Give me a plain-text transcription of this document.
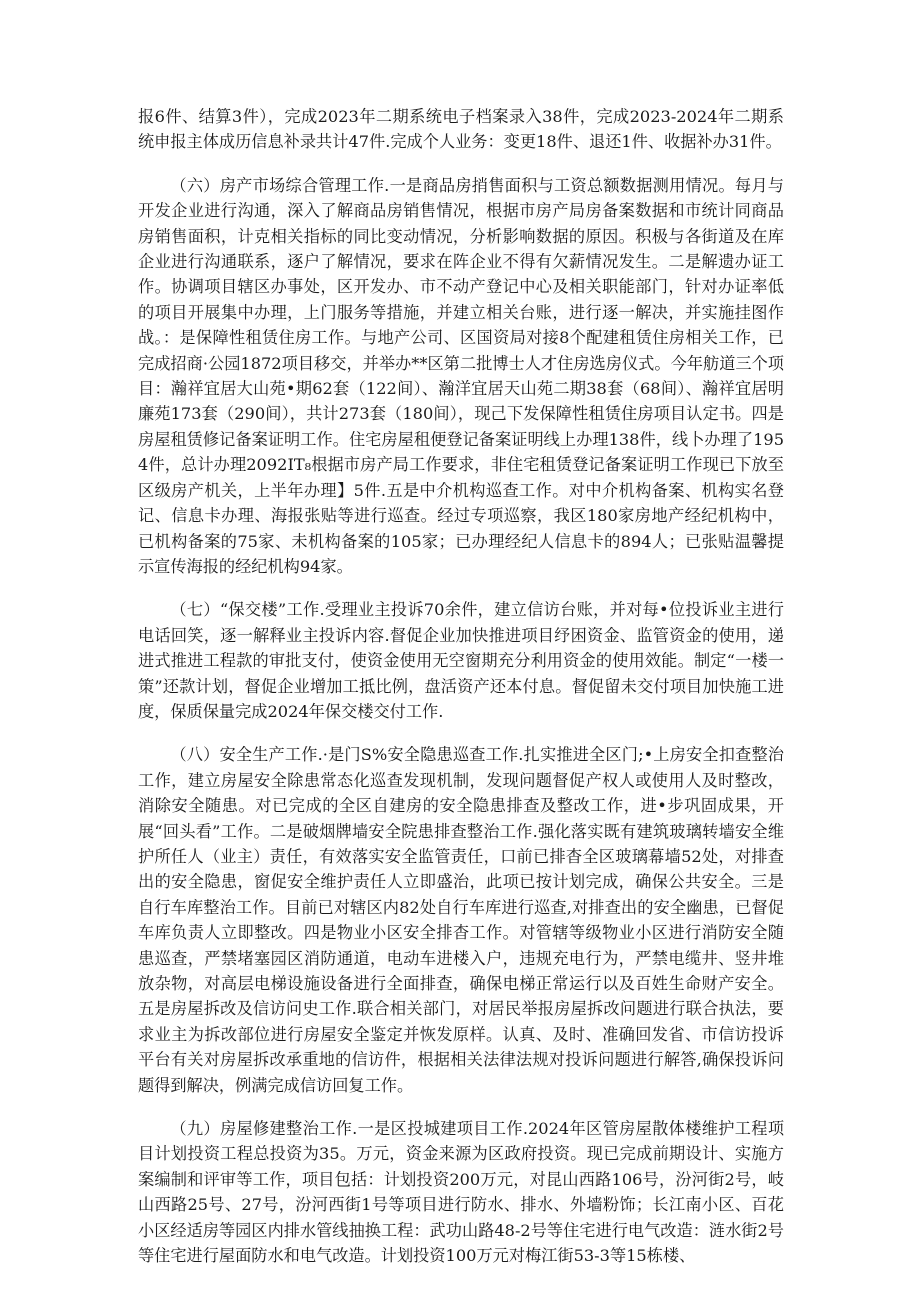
报6件、结算3件），完成2023年二期系统电子档案录入38件，完成2023-2024年二期系统申报主体成历信息补录共计47件.完成个人业务：变更18件、退还1件、收据补办31件。

（六）房产市场综合管理工作.一是商品房捎售面积与工资总额数据测用情况。每月与开发企业进行沟通，深入了解商品房销售情况，根据市房产局房备案数据和市统计同商品房销售面积，计克相关指标的同比变动情况，分析影响数据的原因。积极与各街道及在库企业进行沟通联系，逐户了解情况，要求在阵企业不得有欠薪情况发生。二是解遗办证工作。协调项目辖区办事处，区开发办、市不动产登记中心及相关职能部门，针对办证率低的项目开展集中办理，上门服务等措施，并建立相关台账，进行逐一解决，并实施挂图作战。：是保障性租赁住房工作。与地产公司、区国资局对接8个配建租赁住房相关工作，已完成招商·公园1872项目移交，并举办**区第二批博士人才住房选房仪式。今年舫道三个项目：瀚祥宜居大山苑•期62套（122间）、瀚洋宜居天山苑二期38套（68间）、瀚祥宜居明廉苑173套（290间），共计273套（180间），现己下发保障性租赁住房项目认定书。四是房屋租赁修记备案证明工作。住宅房屋租便登记备案证明线上办理138件，线卜办理了1954件，总计办理2092IT₈根据市房产局工作要求，非住宅租赁登记备案证明工作现已下放至区级房产机关，上半年办理】5件.五是中介机构巡查工作。对中介机构备案、机构实名登记、信息卡办理、海报张贴等进行巡查。经过专项巡察，我区180家房地产经纪机构中，已机构备案的75家、未机构备案的105家；已办理经纪人信息卡的894人；已张贴温馨提示宣传海报的经纪机构94家。

（七）“保交楼”工作.受理业主投诉70余件，建立信访台账，并对每•位投诉业主进行电话回笑，逐一解释业主投诉内容.督促企业加快推进项目纾困资金、监管资金的使用，递进式推进工程款的审批支付，使资金使用无空窗期充分利用资金的使用效能。制定“一楼一策”还款计划，督促企业增加工抵比例，盘活资产还本付息。督促留未交付项目加快施工进度，保质保量完成2024年保交楼交付工作.

（八）安全生产工作.·是门S%安全隐患巡查工作.扎实推进全区门;•上房安全扣查整治工作，建立房屋安全除患常态化巡查发现机制，发现问题督促产权人或使用人及时整改，消除安全随患。对已完成的全区自建房的安全隐患排查及整改工作，进•步巩固成果，开展“回头看”工作。二是破烟牌墙安全院患排查整治工作.强化落实既有建筑玻璃转墙安全维护所任人（业主）责任，有效落实安全监管责任，口前已排杳全区玻璃幕墙52处，对排查出的安全隐患，窗促安全维护责任人立即盛治，此项已按计划完成，确保公共安全。三是自行车库整治工作。目前已对辖区内82处自行车库进行巡查,对排查出的安全幽患，已督促车库负责人立即整改。四是物业小区安全排杳工作。对管辖等级物业小区进行消防安全随患巡查，严禁堵塞园区消防通道，电动车进楼入户，违规充电行为，严禁电缆井、竖井堆放杂物，对高层电梯设施设备进行全面排查，确保电梯正常运行以及百姓生命财产安全。五是房屋拆改及信访问史工作.联合相关部门，对居民举报房屋拆改问题进行联合执法，要求业主为拆改部位进行房屋安全鉴定并恢发原样。认真、及时、准确回发省、市信访投诉平台有关对房屋拆改承重地的信访件，根据相关法律法规对投诉问题进行解答,确保投诉问题得到解决，例满完成信访回复工作。

（九）房屋修建整治工作.一是区投城建项目工作.2024年区管房屋散体楼维护工程项目计划投资工程总投资为35。万元，资金来源为区政府投资。现已完成前期设计、实施方案编制和评审等工作，项目包括：计划投资200万元，对昆山西路106号，汾河街2号，岐山西路25号、27号，汾河西街1号等项目进行防水、排水、外墙粉饰；长江南小区、百花小区经适房等园区内排水管线抽换工程：武功山路48-2号等住宅进行电气改造：涟水街2号等住宅进行屋面防水和电气改造。计划投资100万元对梅江街53-3等15栋楼、
